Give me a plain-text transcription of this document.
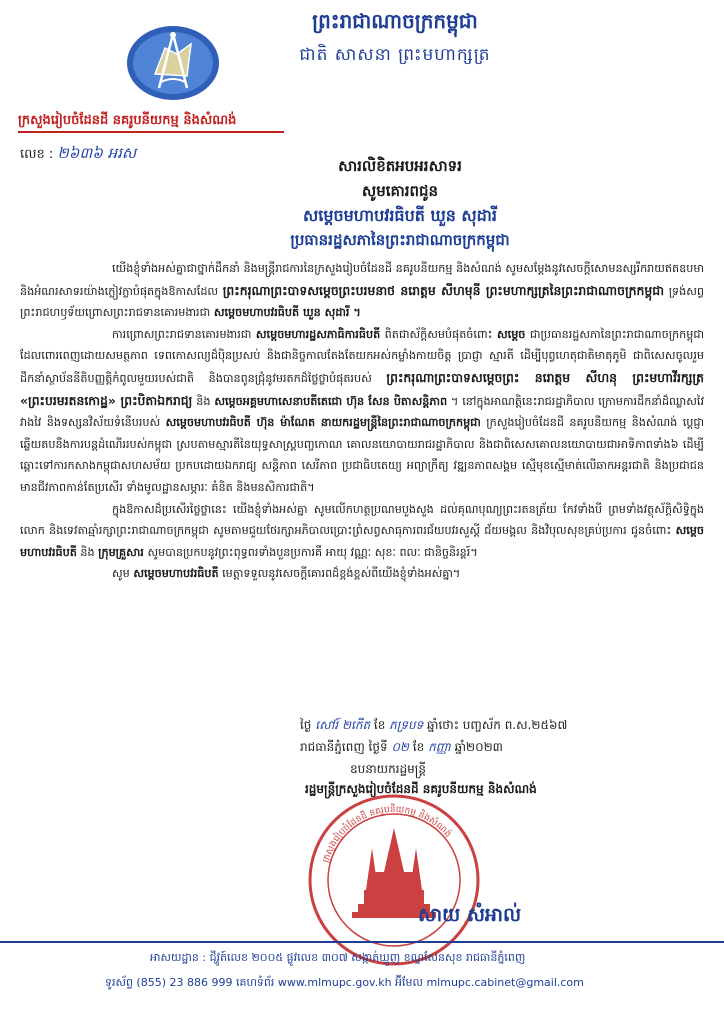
ព្រះរាជាណាចក្រកម្ពុជា
ជាតិ សាសនា ព្រះមហាក្សត្រ
ក្រសួងរៀបចំដែនដី នគរូបនីយកម្ម និងសំណង់
លេខ : ២៦៣៦ អរស
សារលិខិតអបអរសាទរ
សូមគោរពជូន
សម្ដេចមហាបវរធិបតី ឃួន សុដារី
ប្រធានរដ្ឋសភានៃព្រះរាជាណាចក្រកម្ពុជា

យើងខ្ញុំទាំងអស់គ្នាជាថ្នាក់ដឹកនាំ និងមន្ត្រីរាជការនៃក្រសួងរៀបចំដែនដី នគរូបនីយកម្ម និងសំណង់ សូមសម្ដែងនូវសេចក្ដីសោមនស្សរីករាយឥតឧបមា និងអំណរសាទរយ៉ាងក្លៀវក្លាបំផុតក្នុងឱកាសដែល ព្រះករុណាព្រះបាទសម្ដេចព្រះបរមនាថ នរោត្តម សីហមុនី ព្រះមហាក្សត្រនៃព្រះរាជាណាចក្រកម្ពុជា ទ្រង់សព្វព្រះរាជហឫទ័យព្រោសព្រះរាជទានគោរមងារជា សម្ដេចមហាបវរធិបតី ឃួន សុដារី ។

ការព្រោសព្រះរាជទានគោរមងារជា សម្ដេចមហារដ្ឋសភាធិការធិបតី ពិតជាស័ក្ដិសមបំផុតចំពោះ សម្ដេច ជាប្រធានរដ្ឋសភានៃព្រះរាជាណាចក្រកម្ពុជា ដែលពោរពេញដោយសមត្ថភាព ទេពកោសល្យដ៏ប៉ិនប្រសប់ និងជានិច្ចកាលតែងតែយកអស់កម្លាំងកាយចិត្ត ប្រាជ្ញា ស្មារតី ដើម្បីបុព្វហេតុជាតិមាតុភូមិ ជាពិសេសចូលរួមដឹកនាំស្ថាប័ននីតិបញ្ញត្តិកំពូលមួយរបស់ជាតិ និងបានពូនជ្រុំនូវមរតកដ៏ថ្លៃថ្លាបំផុតរបស់ ព្រះករុណាព្រះបាទសម្ដេចព្រះ នរោត្តម សីហនុ ព្រះមហាវីរក្សត្រ «ព្រះបរមរតនកោដ្ឋ» ព្រះបិតាឯករាជ្យ និង សម្ដេចអគ្គមហាសេនាបតីតេជោ ហ៊ុន សែន បិតាសន្តិភាព ។ នៅក្នុងអាណត្តិនេះរាជរដ្ឋាភិបាល ក្រោមការដឹកនាំដ៏ឈ្លាសវៃ វាងវៃ និងទស្សនវិស័យទំនើបរបស់ សម្ដេចមហាបវរធិបតី ហ៊ុន ម៉ាណែត នាយករដ្ឋមន្ត្រីនៃព្រះរាជាណាចក្រកម្ពុជា ក្រសួងរៀបចំដែនដី នគរូបនីយកម្ម និងសំណង់ ប្ដេជ្ញាឆ្លើយតបនឹងការបន្តដំណើររបស់កម្ពុជា ស្របតាមស្មារតីនៃយុទ្ធសាស្ត្របញ្ចកោណ គោលនយោបាយរាជរដ្ឋាភិបាល និងជាពិសេសគោលនយោបាយជាអាទិភាពទាំង៦ ដើម្បីឆ្ពោះទៅការកសាងកម្ពុជាសហសម័យ ប្រកបដោយឯករាជ្យ សន្តិភាព សេរីភាព ប្រជាធិបតេយ្យ អព្យាក្រឹត្យ វឌ្ឍនភាពសង្គម ស្មើមុខស្មើមាត់លើឆាកអន្តរជាតិ និងប្រជាជនមានជីវភាពកាន់តែប្រសើរ ទាំងមូលដ្ឋានសម្ភារៈ គំនិត និងមនសិការជាតិ។

ក្នុងឱកាសដ៏ប្រសើរថ្លៃថ្លានេះ យើងខ្ញុំទាំងអស់គ្នា សូមលើកហត្ថប្រណមបួងសួង ដល់គុណបុណ្យព្រះរតនត្រ័យ កែវទាំងបី ព្រមទាំងវត្ថុស័ក្ដិសិទ្ធិក្នុងលោក និងទេវតាឆ្មាំរក្សាព្រះរាជាណាចក្រកម្ពុជា សូមតាមជួយថែរក្សាអភិបាលប្រោះព្រំសព្វសាធុការពរជ័យបវរសួស្ដី ជ័យមង្គល និងវិបុលសុខគ្រប់ប្រការ ជូនចំពោះ សម្ដេចមហាបវរធិបតី និង ក្រុមគ្រួសារ សូមបានប្រកបនូវព្រះពុទ្ធពរទាំងបួនប្រការគឺ អាយុ វណ្ណៈ សុខៈ ពលៈ ជានិច្ចនិរន្តរ៍។

សូម សម្ដេចមហាបវរធិបតី មេត្តាទទួលនូវសេចក្ដីគោរពដ៏ខ្ពង់ខ្ពស់ពីយើងខ្ញុំទាំងអស់គ្នា។

ថ្ងៃ សៅរ៍ ២កើត ខែ ភទ្របទ ឆ្នាំថោះ បញ្ចស័ក ព.ស.២៥៦៧
រាជធានីភ្នំពេញ ថ្ងៃទី ០២ ខែ កញ្ញា ឆ្នាំ២០២៣
ឧបនាយករដ្ឋមន្ត្រី
រដ្ឋមន្ត្រីក្រសួងរៀបចំដែនដី នគរូបនីយកម្ម និងសំណង់
ក្រសួងរៀបចំដែនដី នគរូបនីយកម្ម និងសំណង់
សាយ សំអាល់
អាសយដ្ឋាន : ជីវ្ហូត៍លេខ ២០០៥ ផ្លូវលេខ ៣០៧ សង្កាត់ឃ្មួញ ខណ្ឌសែនសុខ រាជធានីភ្នំពេញ
ទូរស័ព្ទ (855) 23 886 999 គេហទំព័រ www.mlmupc.gov.kh អ៊ីមែល mlmupc.cabinet@gmail.com
